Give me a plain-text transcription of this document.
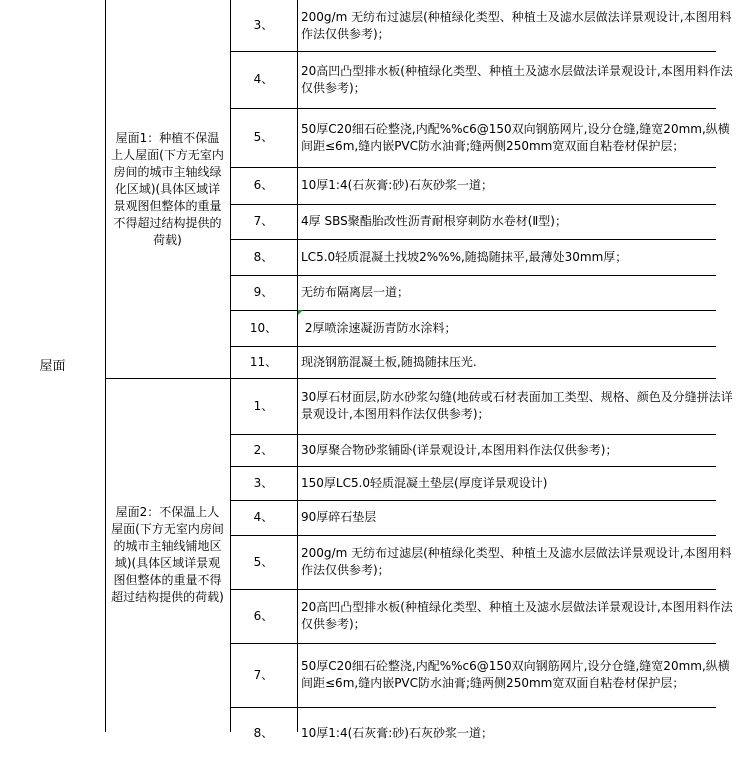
屋面
屋面1：种植不保温上人屋面(下方无室内房间的城市主轴线绿化区域)(具体区域详景观图但整体的重量不得超过结构提供的荷载)
屋面2：不保温上人屋面(下方无室内房间的城市主轴线铺地区域)(具体区域详景观图但整体的重量不得超过结构提供的荷载)
3、
200g/m 无纺布过滤层(种植绿化类型、种植土及滤水层做法详景观设计,本图用料作法仅供参考)；
4、
20高凹凸型排水板(种植绿化类型、种植土及滤水层做法详景观设计,本图用料作法仅供参考)；
5、
50厚C20细石砼整浇,内配%%c6@150双向钢筋网片,设分仓缝,缝宽20mm,纵横间距≤6m,缝内嵌PVC防水油膏;缝两侧250mm宽双面自粘卷材保护层；
6、 10厚1:4(石灰膏:砂)石灰砂浆一道；
7、 4厚 SBS聚酯胎改性沥青耐根穿刺防水卷材(Ⅱ型)；
8、 LC5.0轻质混凝土找坡2%%%,随捣随抹平,最薄处30mm厚；
9、 无纺布隔离层一道；
10、 2厚喷涂速凝沥青防水涂料；
11、 现浇钢筋混凝土板,随捣随抹压光.
1、
30厚石材面层,防水砂浆勾缝(地砖或石材表面加工类型、规格、颜色及分缝拼法详景观设计,本图用料作法仅供参考)；
2、 30厚聚合物砂浆铺卧(详景观设计,本图用料作法仅供参考)；
3、 150厚LC5.0轻质混凝土垫层(厚度详景观设计)
4、 90厚碎石垫层
5、
200g/m 无纺布过滤层(种植绿化类型、种植土及滤水层做法详景观设计,本图用料作法仅供参考)；
6、
20高凹凸型排水板(种植绿化类型、种植土及滤水层做法详景观设计,本图用料作法仅供参考)；
7、
50厚C20细石砼整浇,内配%%c6@150双向钢筋网片,设分仓缝,缝宽20mm,纵横间距≤6m,缝内嵌PVC防水油膏;缝两侧250mm宽双面自粘卷材保护层；
8、 10厚1:4(石灰膏:砂)石灰砂浆一道；
